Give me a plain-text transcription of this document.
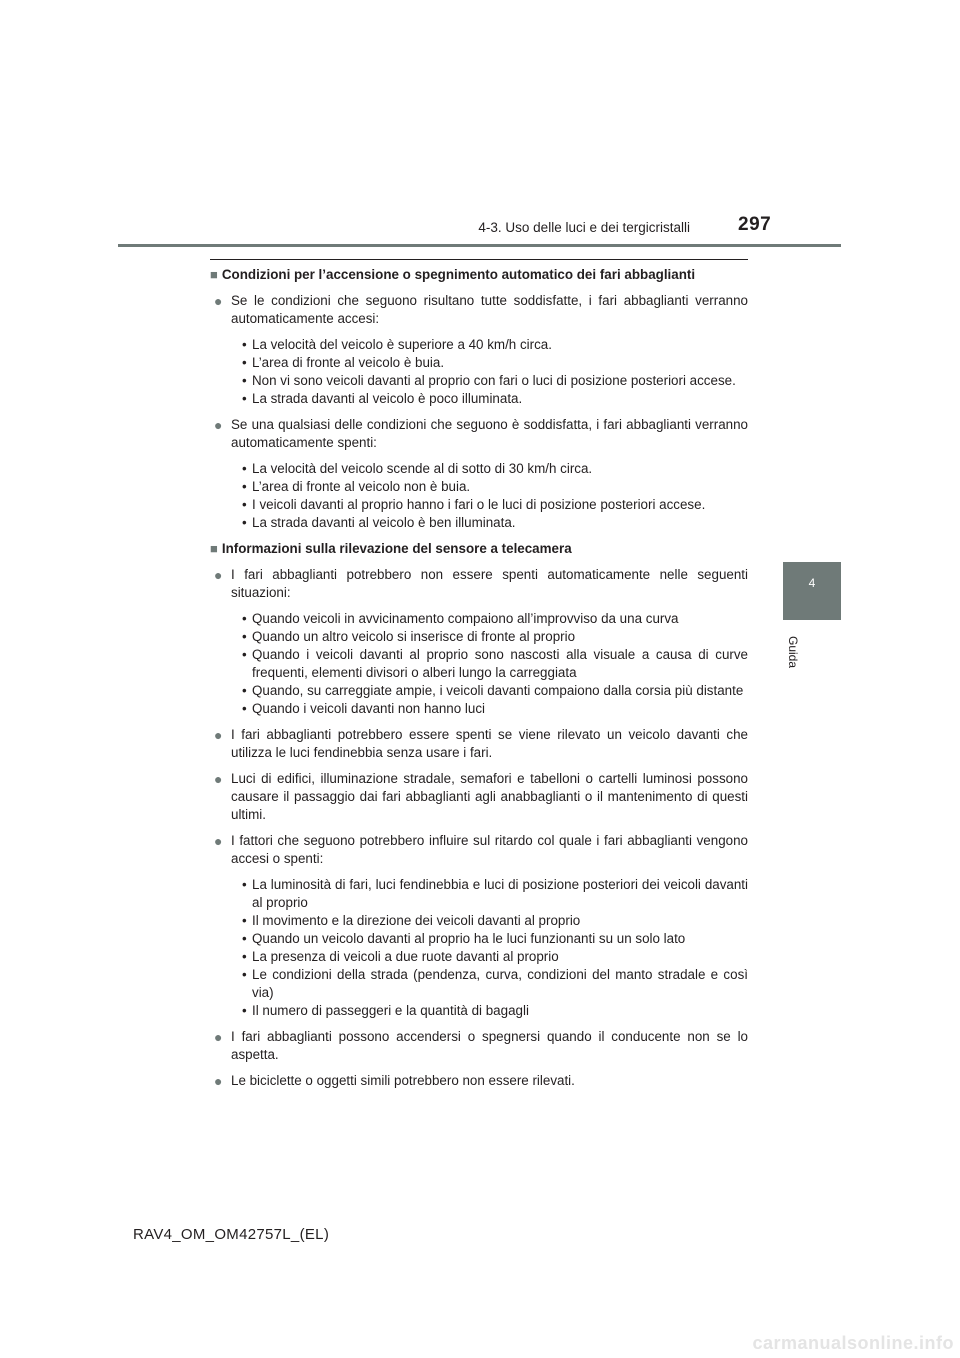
4-3. Uso delle luci e dei tergicristalli	297
4
Guida
■ Condizioni per l’accensione o spegnimento automatico dei fari abbaglianti
● Se le condizioni che seguono risultano tutte soddisfatte, i fari abbaglianti verranno automaticamente accesi:
• La velocità del veicolo è superiore a 40 km/h circa.
• L’area di fronte al veicolo è buia.
• Non vi sono veicoli davanti al proprio con fari o luci di posizione posteriori accese.
• La strada davanti al veicolo è poco illuminata.
● Se una qualsiasi delle condizioni che seguono è soddisfatta, i fari abbaglianti verranno automaticamente spenti:
• La velocità del veicolo scende al di sotto di 30 km/h circa.
• L’area di fronte al veicolo non è buia.
• I veicoli davanti al proprio hanno i fari o le luci di posizione posteriori accese.
• La strada davanti al veicolo è ben illuminata.
■ Informazioni sulla rilevazione del sensore a telecamera
● I fari abbaglianti potrebbero non essere spenti automaticamente nelle seguenti situazioni:
• Quando veicoli in avvicinamento compaiono all’improvviso da una curva
• Quando un altro veicolo si inserisce di fronte al proprio
• Quando i veicoli davanti al proprio sono nascosti alla visuale a causa di curve frequenti, elementi divisori o alberi lungo la carreggiata
• Quando, su carreggiate ampie, i veicoli davanti compaiono dalla corsia più distante
• Quando i veicoli davanti non hanno luci
● I fari abbaglianti potrebbero essere spenti se viene rilevato un veicolo davanti che utilizza le luci fendinebbia senza usare i fari.
● Luci di edifici, illuminazione stradale, semafori e tabelloni o cartelli luminosi possono causare il passaggio dai fari abbaglianti agli anabbaglianti o il mantenimento di questi ultimi.
● I fattori che seguono potrebbero influire sul ritardo col quale i fari abbaglianti vengono accesi o spenti:
• La luminosità di fari, luci fendinebbia e luci di posizione posteriori dei veicoli davanti al proprio
• Il movimento e la direzione dei veicoli davanti al proprio
• Quando un veicolo davanti al proprio ha le luci funzionanti su un solo lato
• La presenza di veicoli a due ruote davanti al proprio
• Le condizioni della strada (pendenza, curva, condizioni del manto stradale e così via)
• Il numero di passeggeri e la quantità di bagagli
● I fari abbaglianti possono accendersi o spegnersi quando il conducente non se lo aspetta.
● Le biciclette o oggetti simili potrebbero non essere rilevati.
RAV4_OM_OM42757L_(EL)
carmanualsonline.info
